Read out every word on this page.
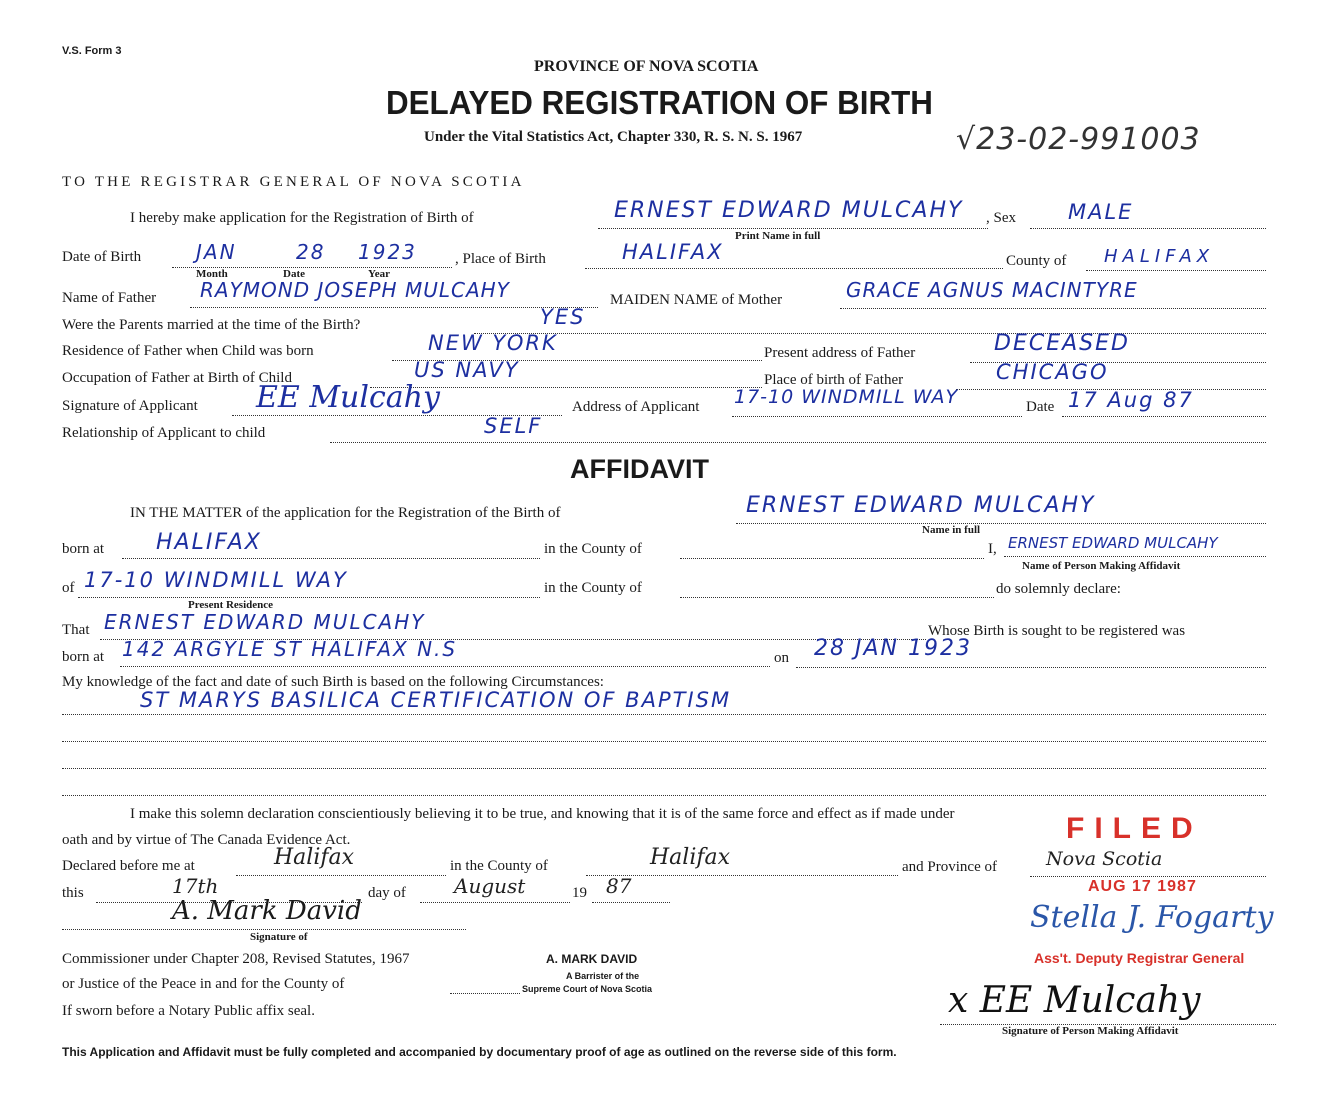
V.S. Form 3
PROVINCE OF NOVA SCOTIA
DELAYED REGISTRATION OF BIRTH
Under the Vital Statistics Act, Chapter 330, R. S. N. S. 1967	√23-02-991003
TO THE REGISTRAR GENERAL OF NOVA SCOTIA
I hereby make application for the Registration of Birth of	ERNEST EDWARD MULCAHY
Print Name in full
, Sex MALE
Date of Birth	JAN	28 1923
Month	Date	Year
, Place of Birth	HALIFAX	County of HALIFAX
Name of Father RAYMOND JOSEPH MULCAHY	MAIDEN NAME of Mother	GRACE AGNUS MACINTYRE
Were the Parents married at the time of the Birth?	YES
Residence of Father when Child was born	NEW YORK	Present address of Father	DECEASED
Occupation of Father at Birth of Child	US NAVY	Place of birth of Father	CHICAGO
Signature of Applicant EE Mulcahy	Address of Applicant 17-10 WINDMILL WAY	Date 17 Aug 87
Relationship of Applicant to child	SELF
AFFIDAVIT
IN THE MATTER of the application for the Registration of the Birth of	ERNEST EDWARD MULCAHY
Name in full
born at HALIFAX	in the County of	I, ERNEST EDWARD MULCAHY
Name of Person Making Affidavit
of 17-10 WINDMILL WAY
Present Residence
in the County of	do solemnly declare:
That ERNEST EDWARD MULCAHY	Whose Birth is sought to be registered was
born at 142 ARGYLE ST HALIFAX N.S	on 28 JAN 1923
My knowledge of the fact and date of such Birth is based on the following Circumstances:
ST MARYS BASILICA CERTIFICATION OF BAPTISM
I make this solemn declaration conscientiously believing it to be true, and knowing that it is of the same force and effect as if made under
oath and by virtue of The Canada Evidence Act.
Declared before me at	Halifax	in the County of	Halifax	and Province of	Nova Scotia
this	17th	day of August	19 87
A. Mark David
Signature of
Commissioner under Chapter 208, Revised Statutes, 1967	A. MARK DAVID
A Barrister of the
Supreme Court of Nova Scotia
or Justice of the Peace in and for the County of
If sworn before a Notary Public affix seal.
FILED
AUG 17 1987
Stella J. Fogarty
Ass't. Deputy Registrar General
x EE Mulcahy
Signature of Person Making Affidavit
This Application and Affidavit must be fully completed and accompanied by documentary proof of age as outlined on the reverse side of this form.
